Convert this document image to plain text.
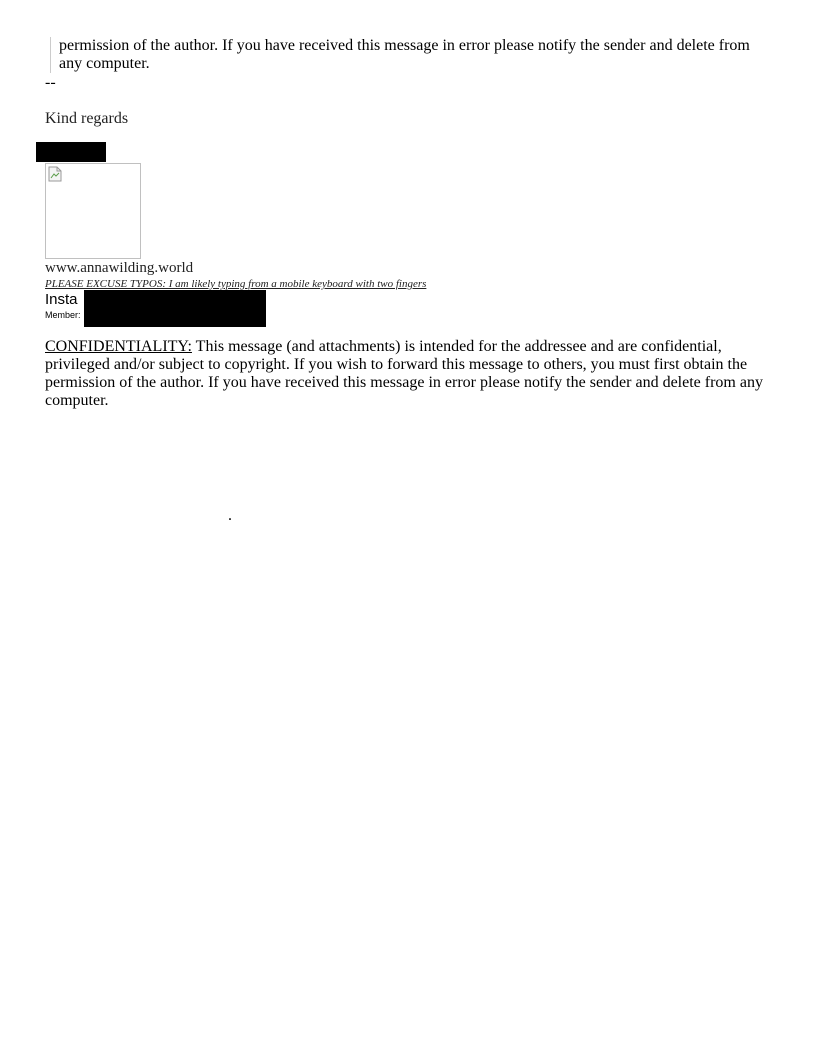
permission of the author. If you have received this message in error please notify the sender and delete from any computer.
--
Kind regards
www.annawilding.world
PLEASE EXCUSE TYPOS: I am likely typing from a mobile keyboard with two fingers
Insta
Member:
CONFIDENTIALITY: This message (and attachments) is intended for the addressee and are confidential, privileged and/or subject to copyright. If you wish to forward this message to others, you must first obtain the permission of the author. If you have received this message in error please notify the sender and delete from any computer.
.
